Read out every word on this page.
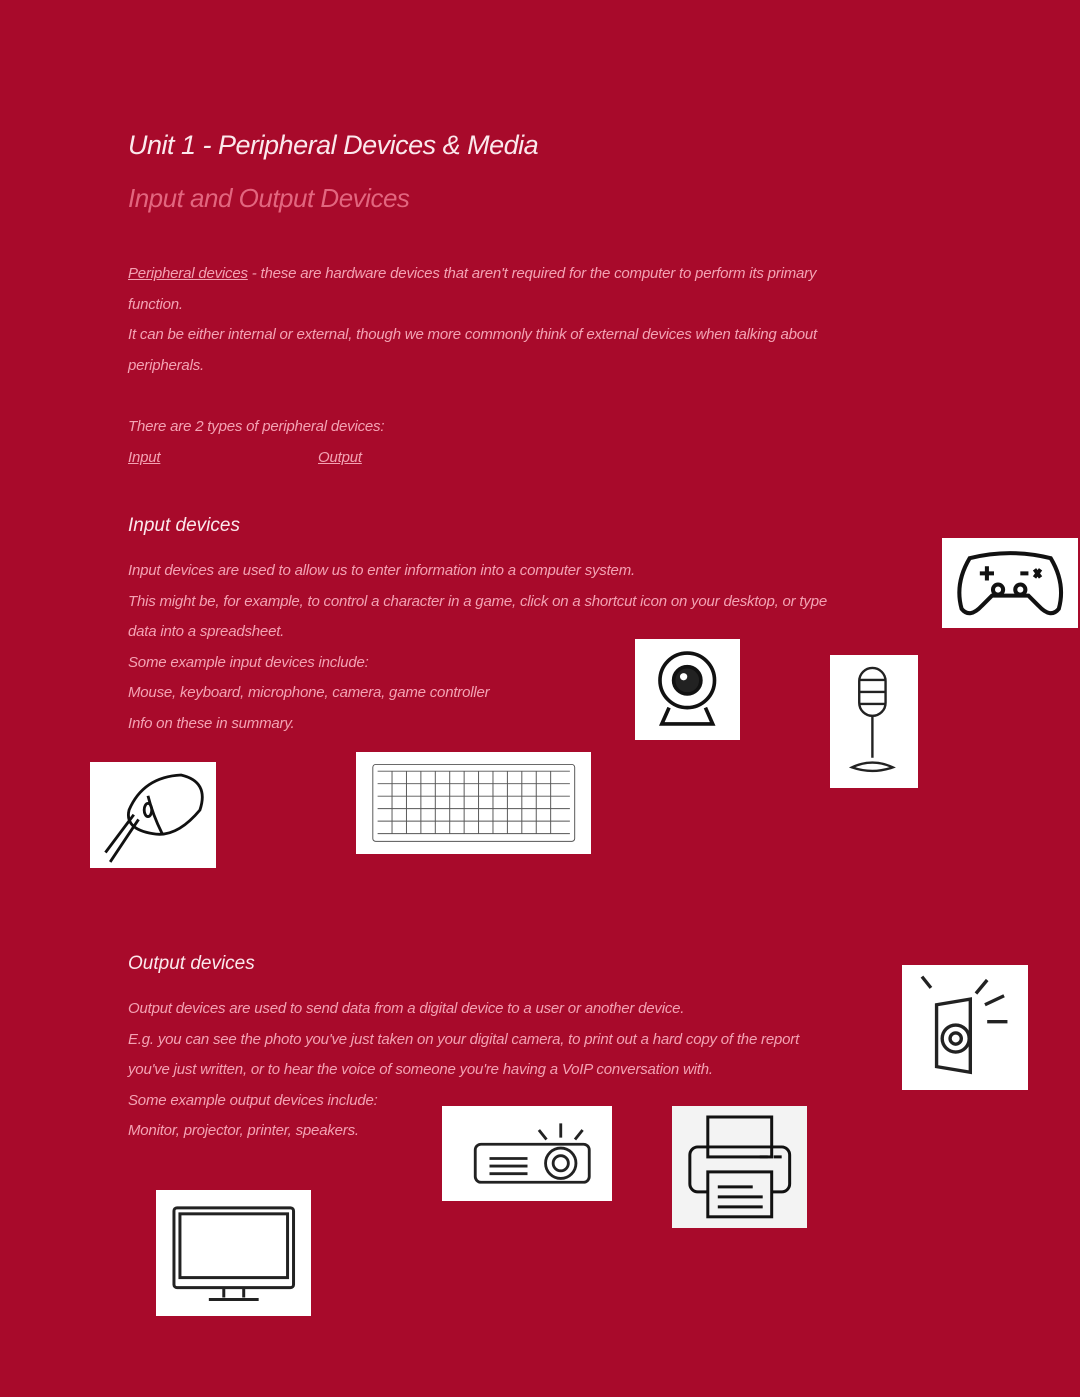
Unit 1 - Peripheral Devices & Media
Input and Output Devices
Peripheral devices - these are hardware devices that aren't required for the computer to perform its primary
function.
It can be either internal or external, though we more commonly think of external devices when talking about
peripherals.
There are 2 types of peripheral devices:
Input	Output
Input devices
Input devices are used to allow us to enter information into a computer system.
This might be, for example, to control a character in a game, click on a shortcut icon on your desktop, or type
data into a spreadsheet.
Some example input devices include:
Mouse, keyboard, microphone, camera, game controller
Info on these in summary.
Output devices
Output devices are used to send data from a digital device to a user or another device.
E.g. you can see the photo you've just taken on your digital camera, to print out a hard copy of the report
you've just written, or to hear the voice of someone you're having a VoIP conversation with.
Some example output devices include:
Monitor, projector, printer, speakers.
